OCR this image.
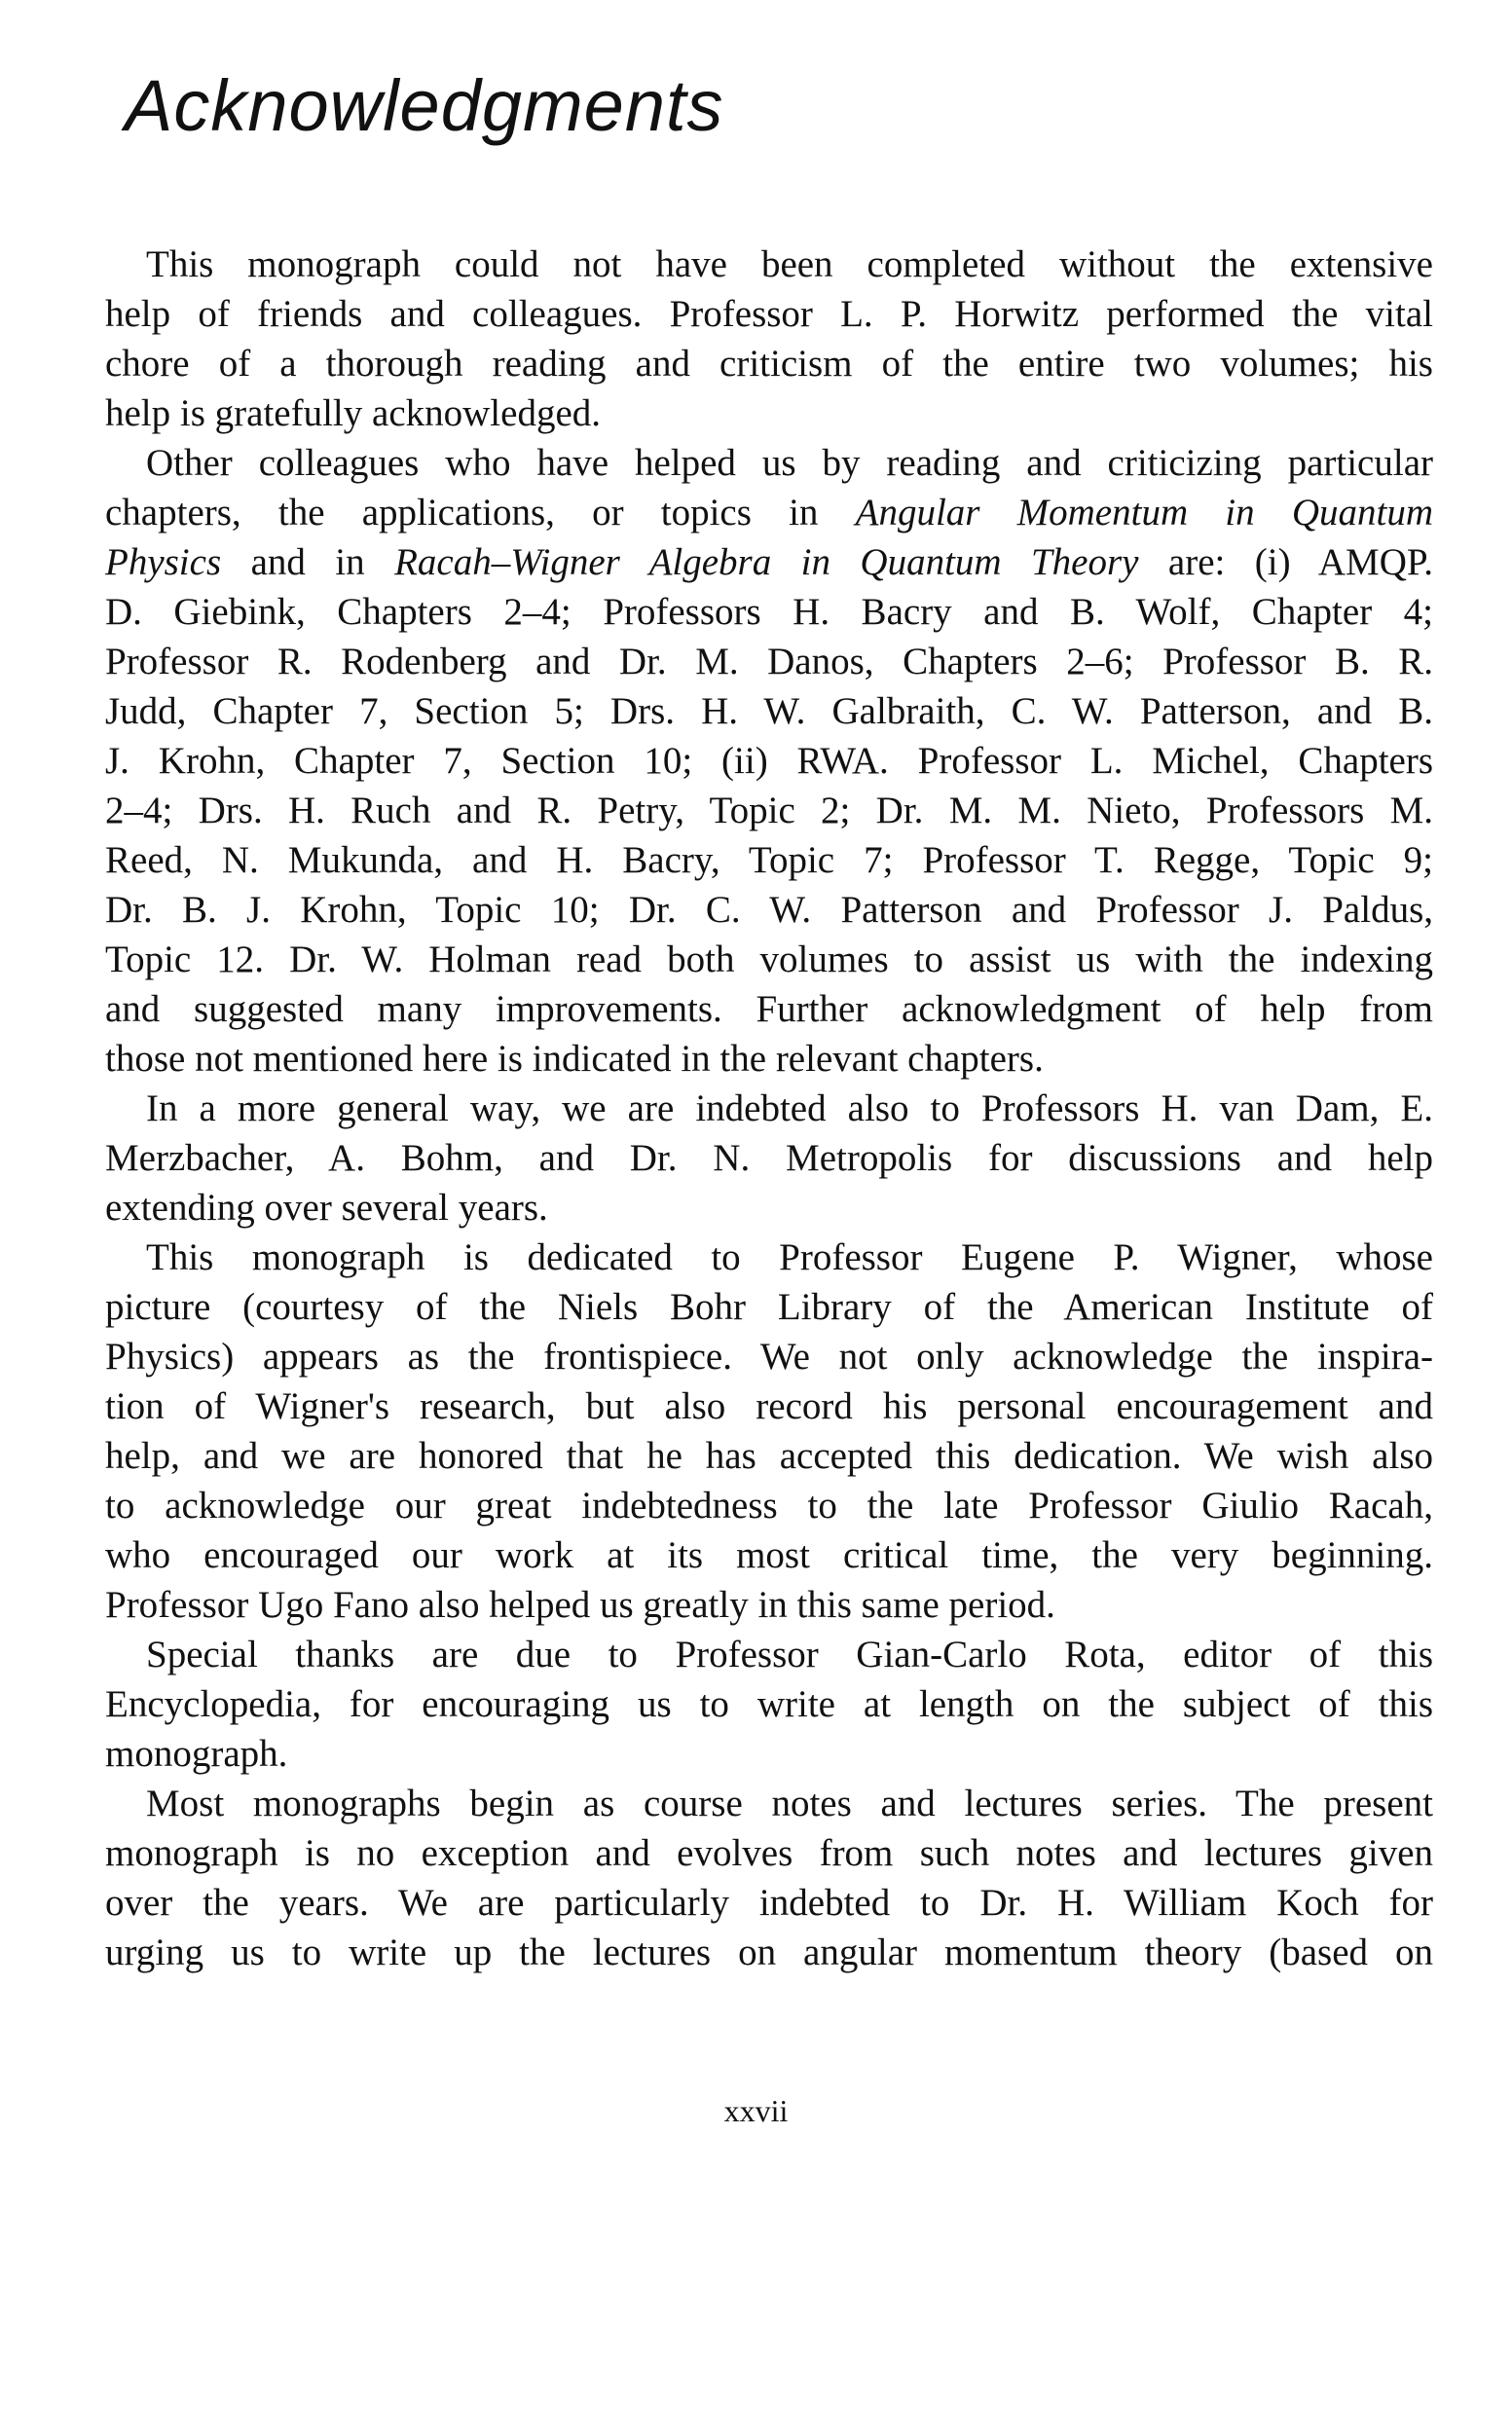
Acknowledgments
This monograph could not have been completed without the extensive
help of friends and colleagues. Professor L. P. Horwitz performed the vital
chore of a thorough reading and criticism of the entire two volumes; his
help is gratefully acknowledged.
Other colleagues who have helped us by reading and criticizing particular
chapters, the applications, or topics in Angular Momentum in Quantum
Physics and in Racah–Wigner Algebra in Quantum Theory are: (i) AMQP.
D. Giebink, Chapters 2–4; Professors H. Bacry and B. Wolf, Chapter 4;
Professor R. Rodenberg and Dr. M. Danos, Chapters 2–6; Professor B. R.
Judd, Chapter 7, Section 5; Drs. H. W. Galbraith, C. W. Patterson, and B.
J. Krohn, Chapter 7, Section 10; (ii) RWA. Professor L. Michel, Chapters
2–4; Drs. H. Ruch and R. Petry, Topic 2; Dr. M. M. Nieto, Professors M.
Reed, N. Mukunda, and H. Bacry, Topic 7; Professor T. Regge, Topic 9;
Dr. B. J. Krohn, Topic 10; Dr. C. W. Patterson and Professor J. Paldus,
Topic 12. Dr. W. Holman read both volumes to assist us with the indexing
and suggested many improvements. Further acknowledgment of help from
those not mentioned here is indicated in the relevant chapters.
In a more general way, we are indebted also to Professors H. van Dam, E.
Merzbacher, A. Bohm, and Dr. N. Metropolis for discussions and help
extending over several years.
This monograph is dedicated to Professor Eugene P. Wigner, whose
picture (courtesy of the Niels Bohr Library of the American Institute of
Physics) appears as the frontispiece. We not only acknowledge the inspira-
tion of Wigner's research, but also record his personal encouragement and
help, and we are honored that he has accepted this dedication. We wish also
to acknowledge our great indebtedness to the late Professor Giulio Racah,
who encouraged our work at its most critical time, the very beginning.
Professor Ugo Fano also helped us greatly in this same period.
Special thanks are due to Professor Gian-Carlo Rota, editor of this
Encyclopedia, for encouraging us to write at length on the subject of this
monograph.
Most monographs begin as course notes and lectures series. The present
monograph is no exception and evolves from such notes and lectures given
over the years. We are particularly indebted to Dr. H. William Koch for
urging us to write up the lectures on angular momentum theory (based on
xxvii
